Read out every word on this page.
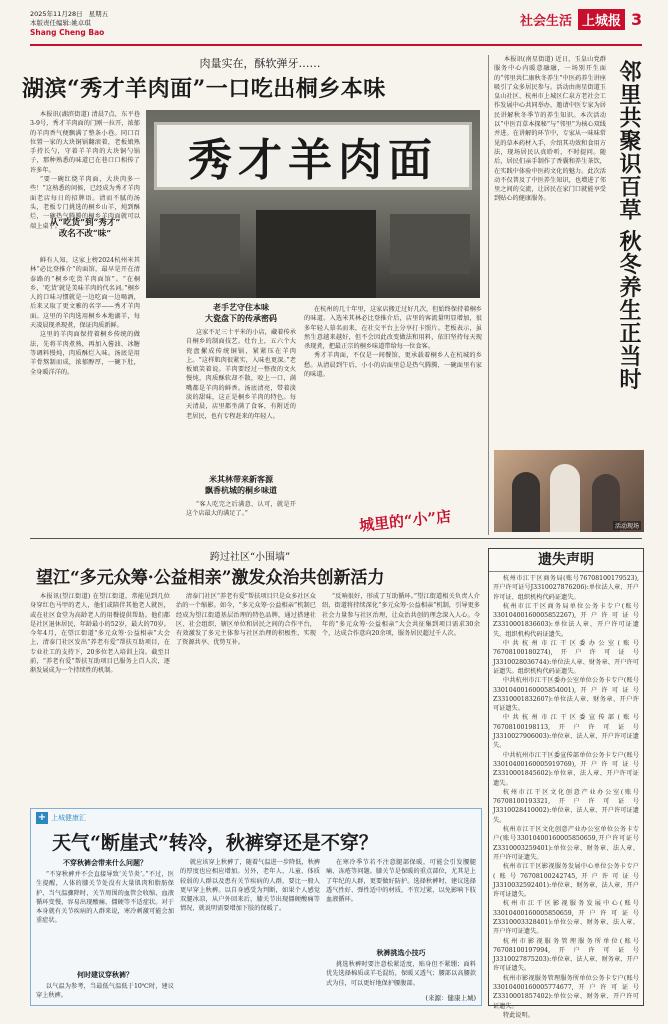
2025年11月28日 星期五
本版责任编辑:姚卓琪
Shang Cheng Bao
社会生活 上城报 3
肉量实在，酥软弹牙……
湖滨“秀才羊肉面”一口吃出桐乡本味

本报讯(湖滨街道) 清晨7点，东平巷3-9号，秀才羊肉面的门刚一拉开，浓郁的羊肉香气便飘满了整条小巷。同口百位置一家的大块铜锅翻滚着，老板娘熟手持长勺，守着羊羊肉的大块铜勺锅子，那种熟悉的味道已在巷口口相传了许多年。

“要一碗红烧羊肉面，大块肉多一些！”这熟悉的问候，已经成为秀才羊肉面老店每日的招牌语。清而不腻的汤头，老板专门挑选的桐乡山羊，炖到酥烂，一碗热气腾腾的桐乡羊肉面就可以端上桌了。

从“吃货”到“秀才”
改名不改“味”

鲜有人知，这家上榜2024杭州米其林“必比登推介”的面馆，最早是开在清泰路的“桐乡吃货羊肉面馆”。“在桐乡，‘吃货’就是美味羊肉的代名词。”桐乡人的口味习惯就是一边吃面一边喝酒，后来又取了更文雅的名字——秀才羊肉面。这里的羊肉选用桐乡本地湖羊，每天凌晨现杀现煮，保证肉质新鲜。

这里的羊肉面保持着桐乡传统的做法，先将羊肉煮熟，再加入酱油、冰糖等调料慢炖，肉质酥烂入味。汤底是用羊骨熬制而成，浓郁醇厚，一碗下肚，全身暖洋洋的。

秀才羊肉面
老手艺守住本味
大瓷盘下的传承密码

这家不足三十平米的小店，藏着传承自桐乡的制面技艺。灶台上，五六个大瓷盘摞成传统铜锅，紧紧压在羊肉上。“这样肌肉很紧实，入味也更深。”老板娘笑着说。羊肉要经过一整夜的文火慢炖，肉质酥软却不散，咬上一口，满嘴都是羊肉的鲜香。汤底清亮，带着淡淡的甜味，这正是桐乡羊肉的特色。每天清晨，店里都坐满了食客，有附近的老居民，也有专程赶来的年轻人。

米其林带来新客源
飘香杭城的桐乡味道

“客人吃完之后满意、认可，就是开这个店最大的满足了。”

在杭州的几十年里，这家店搬迁过好几次，但始终保持着桐乡的味道。入选米其林必比登推介后，店里的客流量明显增加，很多年轻人慕名而来，在社交平台上分享打卡照片。老板表示，虽然生意越来越好，但不会因此改变做法和用料，依旧坚持每天现杀现煮，把最正宗的桐乡味道带给每一位食客。

秀才羊肉面，不仅是一间餐馆，更承载着桐乡人在杭城的乡愁。从清晨到午后，小小的店面里总是热气腾腾，一碗面里有家的味道。

城里的“小”店

本报讯(南星街道) 近日，玉皇山党群服务中心内暖意融融，一场别开生面的“邻里共仁康秋冬养生”中医药养生讲座吸引了众多居民参与。活动由南星街道玉皇山社区、杭州市上城区仁泉方老社会工作发展中心共同举办，邀请中医专家为居民讲解秋冬季节的养生知识。本次活动以“中医百草本探秘”与“邻里”为核心双线并进。在讲解的环节中，专家从一味味常见的草本药材入手，介绍其功效和食用方法，现场居民认真聆听，不时提问。随后，居民们亲手制作了香囊和养生茶饮，在实践中体验中医药文化的魅力。此次活动不仅普及了中医养生知识，也增进了邻里之间的交流，让居民在家门口就能享受到贴心的健康服务。	邻里共聚识百草 秋冬养生正当时
活动现场
跨过社区“小围墙”
望江“多元众筹·公益相亲”激发众治共创新活力

本报讯(望江街道) 在望江街道，常能见到几位身穿红色马甲的老人，他们或陪伴其他老人就医，或在社区食堂为高龄老人的用餐提供帮助。他们都是社区退休居民，年龄最小的52岁，最大的70岁。今年4月，在望江街道“多元众筹·公益相亲”大会上，清泰门社区发出“养老有爱”帮扶互助项目，在专业社工的支持下，20多位老人培训上岗。截至目前，“养老有爱”帮扶互助项目已服务上百人次，逐渐发展成为一个持续性的机制。

清泰门社区“养老有爱”帮扶项目只是众多社区众治的一个缩影。如今，“多元众筹·公益相亲”机制已经成为望江街道基层治理的特色品牌，通过搭建社区、社会组织、辖区单位和居民之间的合作平台，有效激发了多元主体参与社区治理的积极性，实现了资源共享、优势互补。

“反响很好，形成了互助循环。”望江街道相关负责人介绍，街道将持续深化“多元众筹·公益相亲”机制，引导更多社会力量参与社区治理，让众治共创的理念深入人心。今年的“多元众筹·公益相亲”大会共征集到项目需求30余个，达成合作意向20余项，服务居民超过千人次。

遗失声明

杭州市江干区商务局(账号76708100179523),开户许可证号J3310027876206):单位法人章、开户许可证、组织机构代码证遗失。

杭州市江干区商务局单位公务卡专户(账号33010400160005852267),开户许可证号Z3310001836603):单位法人章、开户许可证遗失。组织机构代码证遗失。

中共杭州市江干区委办公室(账号76708100180274),开户许可证号J3310028036744):单位法人章、财务章、开户许可证遗失。组织机构代码证遗失。

中共杭州市江干区委办公室单位公务卡专户(账号33010400160005854001),开户许可证号Z3310001832607):单位法人章、财务章、开户许可证遗失。

中共杭州市江干区委宣传部(账号76708100198113,开户许可证号J3310027906003):单位章、法人章、开户许可证遗失。

中共杭州市江干区委宣传部单位公务卡专户(账号33010400160005919769),开户许可证号Z3310001845602):单位章、法人章、开户许可证遗失。

杭州市江干区文化创意产业办公室(账号76708100193321,开户许可证号J3310028410002):单位章、法人章、开户许可证遗失。

杭州市江干区文化创意产业办公室单位公务卡专户(账号33010400160005850659,开户许可证号Z3310003259401):单位公章、财务章、法人章、开户许可证遗失。

杭州市江干区影视服务发展中心单位公务卡专户(账号76708100242745,开户许可证号J3310032592401):单位章、财务章、法人章、开户许可证遗失。

杭州市江干区影视服务发展中心(账号33010400160005850659,开户许可证号Z3310003328401):单位公章、财务章、法人章、开户许可证遗失。

杭州市影视服务管理服务所单位(账号76708100197994,开户许可证号J3310027875203):单位章、法人章、财务章、开户许可证遗失。

杭州市影视服务管理服务所单位公务卡专户(账号33010400160005774677,开户许可证号Z3310001857402):单位公章、财务章、开户许可证遗失。

特此说明。

+ 上城健康汇
天气“断崖式”转冷，秋裤穿还是不穿？
不穿秋裤会带来什么问题？

“不穿秋裤并不会直接导致‘关节炎’。”不过，医生提醒，人体的膝关节处没有大量肌肉和脂肪保护，当气温骤降时，关节周围的血管会收缩，血液循环变慢，容易出现酸痛、僵硬等不适症状。对于本身就有关节疾病的人群来说，寒冷刺激可能会加重症状。

何时建议穿秋裤？

以气温为参考，当最低气温低于10℃时，建议穿上秋裤。

就应该穿上秋裤了，随着气温进一步降低，秋裤的厚度也应相应增加。另外，老年人、儿童、体质较弱的人群以及患有关节疾病的人群，要比一般人更早穿上秋裤。以自身感受为判断，如果个人感觉双腿冰凉，从户外回来后，膝关节出现僵硬酸痛等情况，就说明需要增加下肢的保暖了。

在寒冷季节若不注意腿部保暖，可能会引发腰腿痛、冻疮等问题。膝关节是保暖的重点部位，尤其是上了年纪的人群，更要做好防护。选择秋裤时，建议选择透气性好、弹性适中的材质，不宜过紧，以免影响下肢血液循环。

秋裤挑选小技巧

挑选秋裤时要注意松紧适度，贴身但不紧绷；面料优先选择棉质或羊毛混纺，保暖又透气；腰部以高腰款式为佳，可以更好地保护腰腹部。

(来源：健康上城)
